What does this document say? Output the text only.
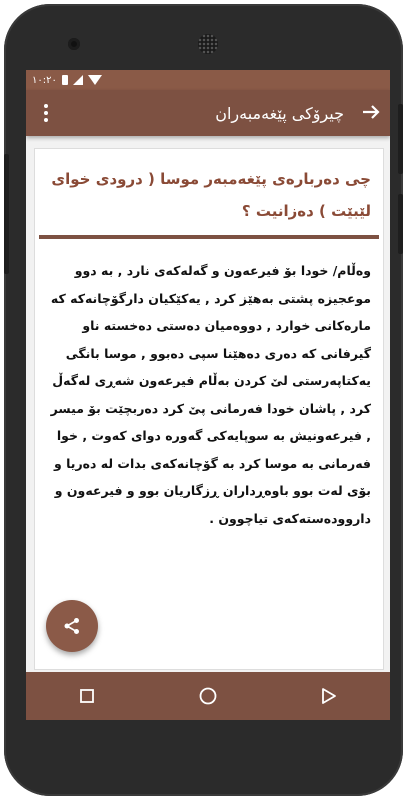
١٠:٢٠
چیرۆکی پێغەمبەران
چی دەربارەی پێغەمبەر موسا ( درودی خوای لێبێت ) دەزانیت ؟
وەڵام/ خودا بۆ فیرعەون و گەلەکەی نارد , بە دوو موعجیزە پشتی بەهێز کرد , یەکێکیان دارگۆچانەکە کە مارەکانی خوارد , دووەمیان دەستی دەخستە ناو گیرفانی کە دەری دەهێنا سپی دەبوو , موسا بانگی یەکتاپەرستی لێ کردن بەڵام فیرعەون شەڕی لەگەڵ کرد , پاشان خودا فەرمانی پێ کرد دەربچێت بۆ میسر , فیرعەونیش بە سوپایەکی گەورە دوای کەوت , خوا فەرمانی بە موسا کرد بە گۆچانەکەی بدات لە دەریا و بۆی لەت بوو باوەڕداران ڕزگاریان بوو و فیرعەون و داروودەستەکەی تیاچوون .
